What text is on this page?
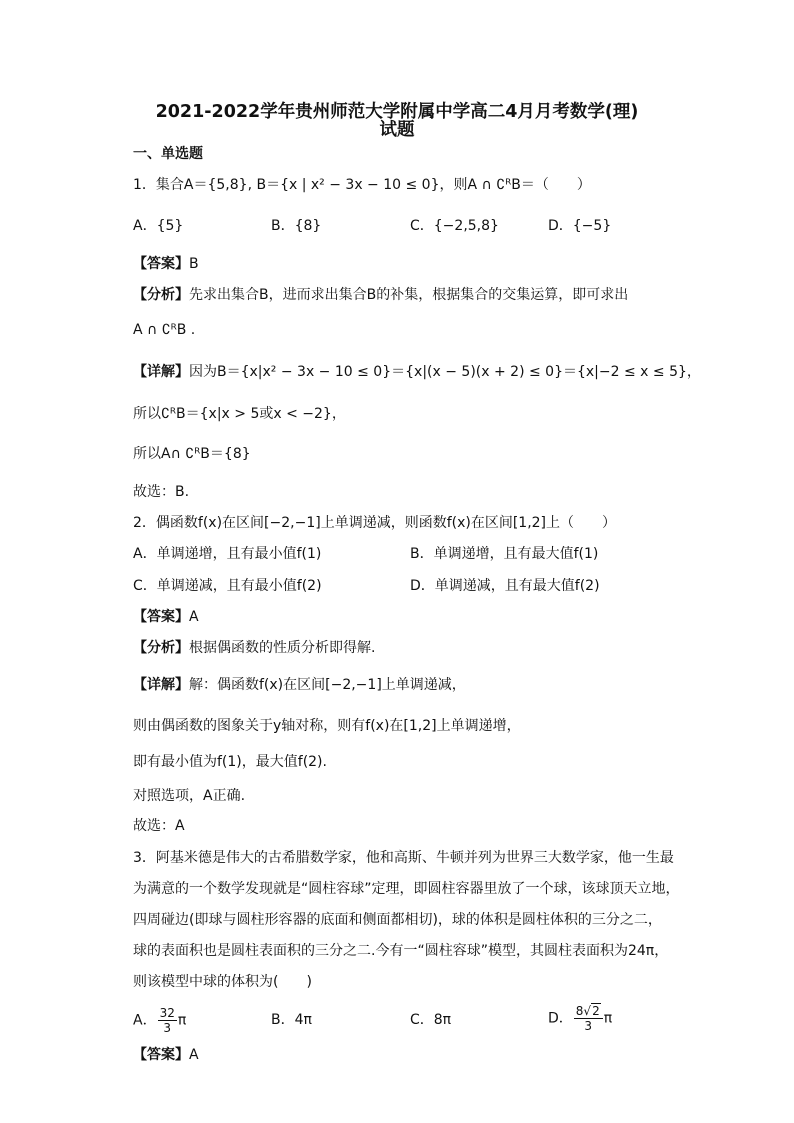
2021-2022学年贵州师范大学附属中学高二4月月考数学(理)
试题
一、单选题
1．集合A＝{5,8}, B＝{x | x² − 3x − 10 ≤ 0}，则A ∩ ∁ᴿB＝（　　）
A．{5}	B．{8}	C．{−2,5,8}	D．{−5}
【答案】B
【分析】先求出集合B，进而求出集合B的补集，根据集合的交集运算，即可求出
A ∩ ∁ᴿB .
【详解】因为B＝{x|x² − 3x − 10 ≤ 0}＝{x|(x − 5)(x + 2) ≤ 0}＝{x|−2 ≤ x ≤ 5}，
所以∁ᴿB＝{x|x > 5或x < −2}，
所以A∩ ∁ᴿB＝{8}
故选：B.
2．偶函数f(x)在区间[−2,−1]上单调递减，则函数f(x)在区间[1,2]上（　　）
A．单调递增，且有最小值f(1)	B．单调递增，且有最大值f(1)
C．单调递减，且有最小值f(2)	D．单调递减，且有最大值f(2)
【答案】A
【分析】根据偶函数的性质分析即得解.
【详解】解：偶函数f(x)在区间[−2,−1]上单调递减，
则由偶函数的图象关于y轴对称，则有f(x)在[1,2]上单调递增，
即有最小值为f(1)，最大值f(2).
对照选项，A正确.
故选：A
3．阿基米德是伟大的古希腊数学家，他和高斯、牛顿并列为世界三大数学家，他一生最
为满意的一个数学发现就是“圆柱容球”定理，即圆柱容器里放了一个球，该球顶天立地，
四周碰边(即球与圆柱形容器的底面和侧面都相切)，球的体积是圆柱体积的三分之二，
球的表面积也是圆柱表面积的三分之二.今有一“圆柱容球”模型，其圆柱表面积为24π，
则该模型中球的体积为(　　)
A． $\frac{32}{3}$ π	B．4π	C．8π	D． $\frac{8√2}{3}$ π
【答案】A
